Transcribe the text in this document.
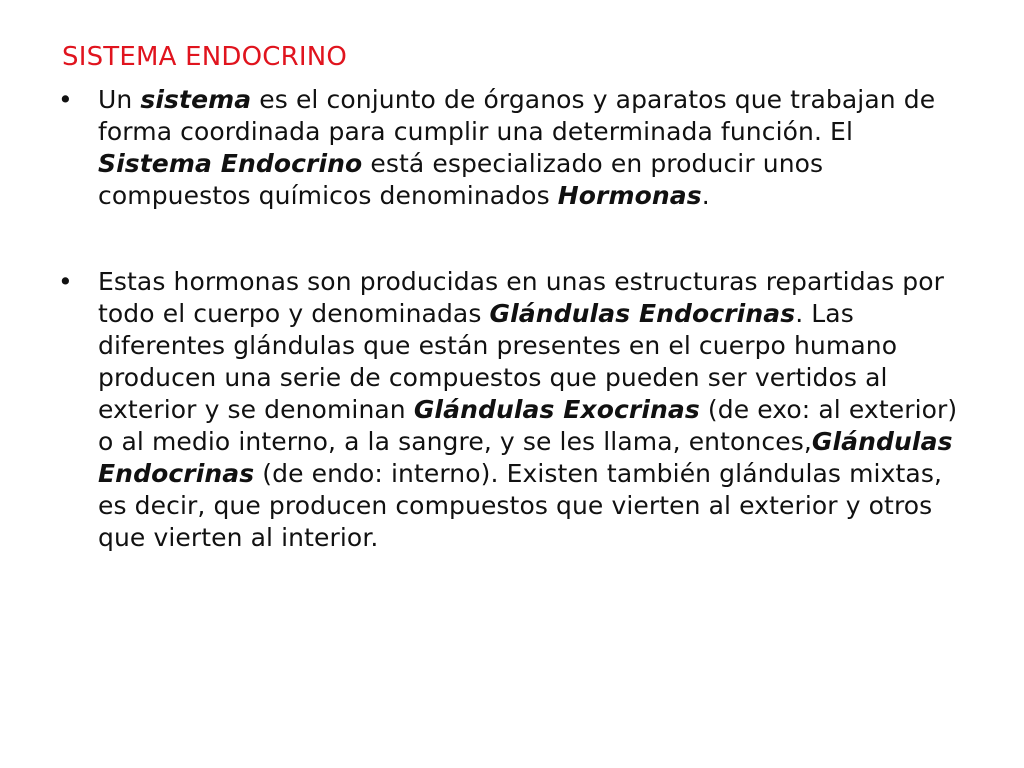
SISTEMA ENDOCRINO
•	Un sistema es el conjunto de órganos y aparatos que trabajan de forma coordinada para cumplir una determinada función. El Sistema Endocrino está especializado en producir unos compuestos químicos denominados Hormonas.
•	Estas hormonas son producidas en unas estructuras repartidas por todo el cuerpo y denominadas Glándulas Endocrinas. Las diferentes glándulas que están presentes en el cuerpo humano producen una serie de compuestos que pueden ser vertidos al exterior y se denominan Glándulas Exocrinas (de exo: al exterior) o al medio interno, a la sangre, y se les llama, entonces,Glándulas Endocrinas (de endo: interno). Existen también glándulas mixtas, es decir, que producen compuestos que vierten al exterior y otros que vierten al interior.
